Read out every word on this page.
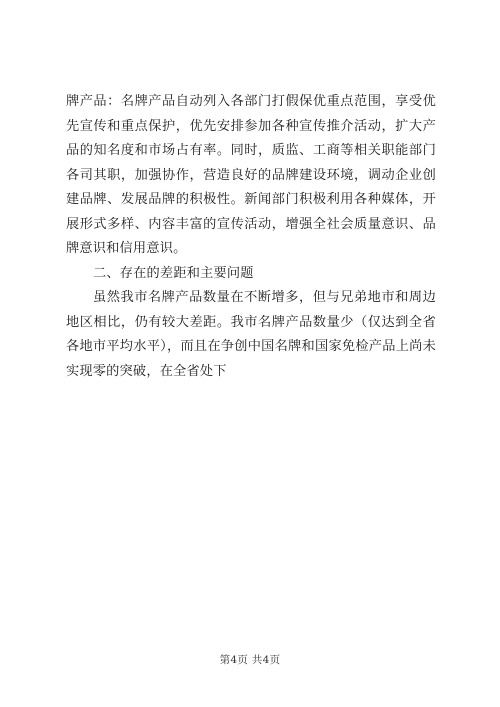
牌产品：名牌产品自动列入各部门打假保优重点范围，享受优先宣传和重点保护，优先安排参加各种宣传推介活动，扩大产品的知名度和市场占有率。同时，质监、工商等相关职能部门各司其职，加强协作，营造良好的品牌建设环境，调动企业创建品牌、发展品牌的积极性。新闻部门积极利用各种媒体，开展形式多样、内容丰富的宣传活动，增强全社会质量意识、品牌意识和信用意识。

二、存在的差距和主要问题

虽然我市名牌产品数量在不断增多，但与兄弟地市和周边地区相比，仍有较大差距。我市名牌产品数量少（仅达到全省各地市平均水平），而且在争创中国名牌和国家免检产品上尚未实现零的突破，在全省处下

第4页 共4页
